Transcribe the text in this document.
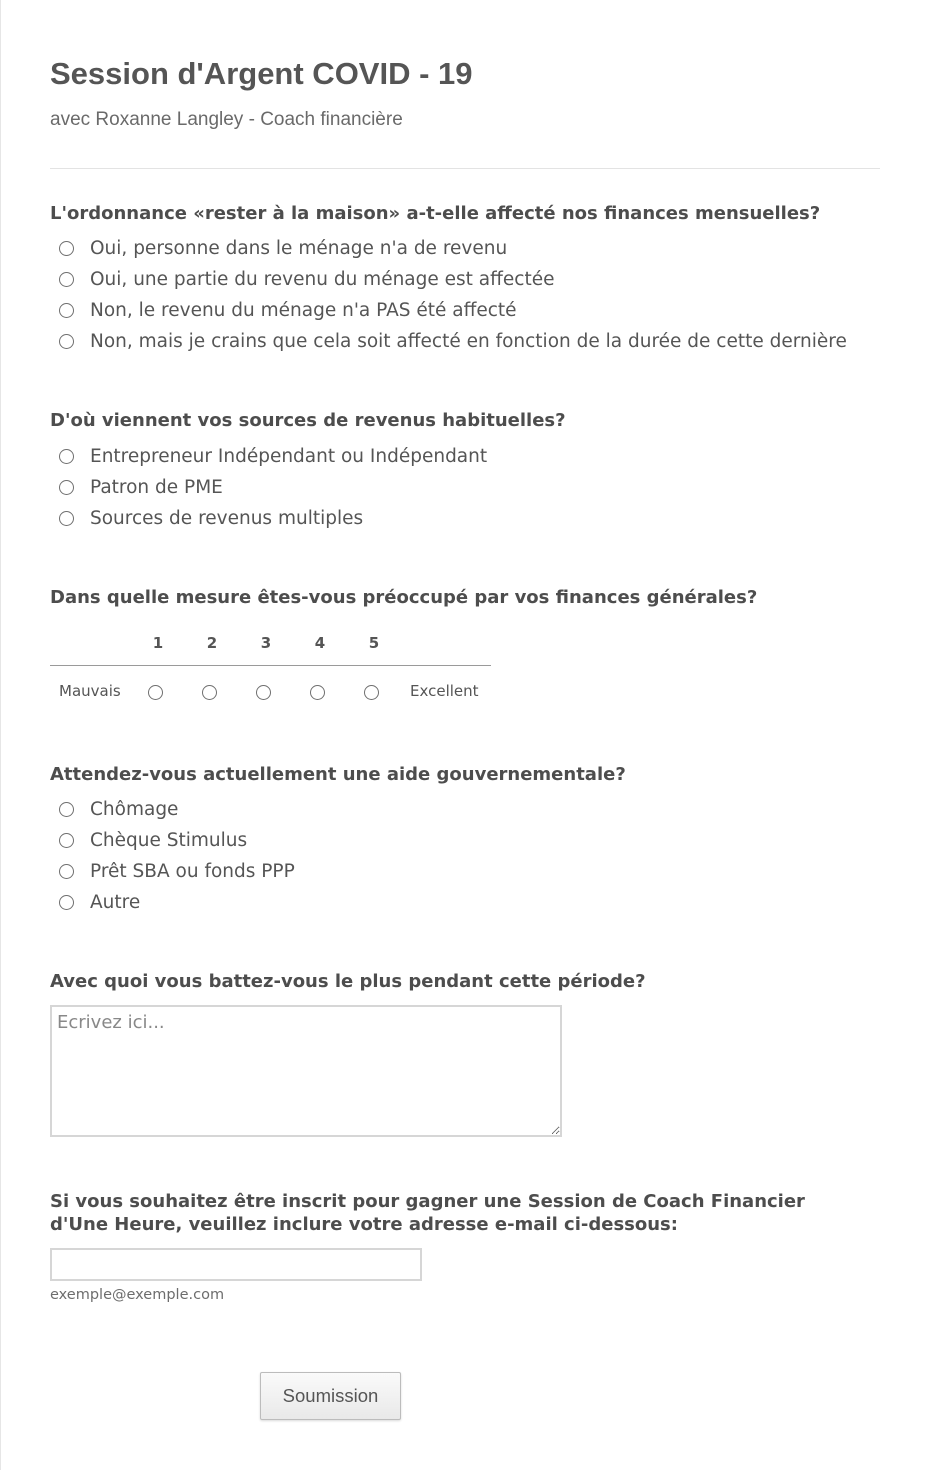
Session d'Argent COVID - 19
avec Roxanne Langley - Coach financière
L'ordonnance «rester à la maison» a-t-elle affecté nos finances mensuelles?
Oui, personne dans le ménage n'a de revenu
Oui, une partie du revenu du ménage est affectée
Non, le revenu du ménage n'a PAS été affecté
Non, mais je crains que cela soit affecté en fonction de la durée de cette dernière
D'où viennent vos sources de revenus habituelles?
Entrepreneur Indépendant ou Indépendant
Patron de PME
Sources de revenus multiples
Dans quelle mesure êtes-vous préoccupé par vos finances générales?
1	2	3	4	5
Mauvais	Excellent
Attendez-vous actuellement une aide gouvernementale?
Chômage
Chèque Stimulus
Prêt SBA ou fonds PPP
Autre
Avec quoi vous battez-vous le plus pendant cette période?
Ecrivez ici...
Si vous souhaitez être inscrit pour gagner une Session de Coach Financier
d'Une Heure, veuillez inclure votre adresse e-mail ci-dessous:
exemple@exemple.com
Soumission
